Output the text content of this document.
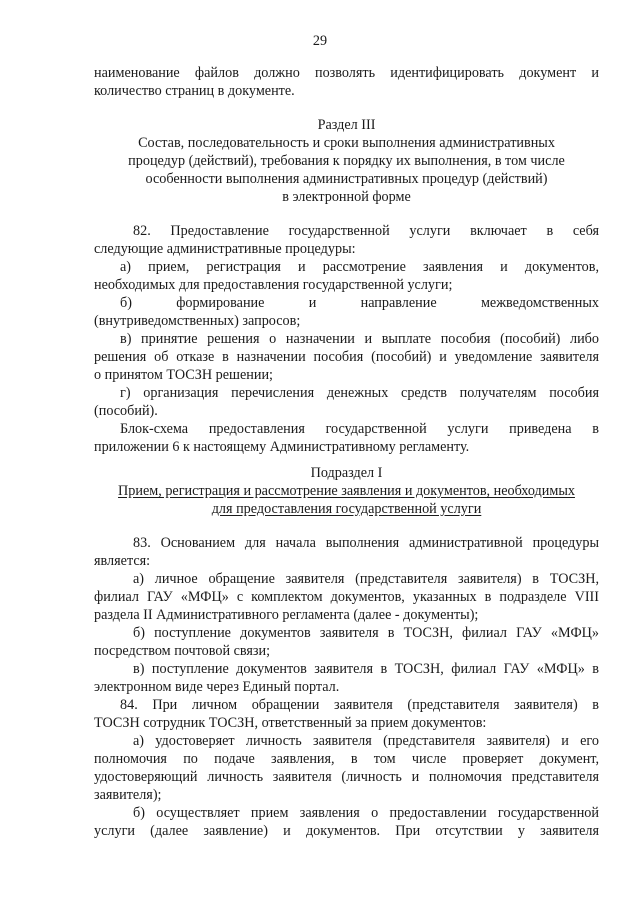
29
наименование файлов должно позволять идентифицировать документ и
количество страниц в документе.
Раздел III
Состав, последовательность и сроки выполнения административных
процедур (действий), требования к порядку их выполнения, в том числе
особенности выполнения административных процедур (действий)
в электронной форме
82. Предоставление государственной услуги включает в себя
следующие административные процедуры:
а) прием, регистрация и рассмотрение заявления и документов,
необходимых для предоставления государственной услуги;
б) формирование и направление межведомственных
(внутриведомственных) запросов;
в) принятие решения о назначении и выплате пособия (пособий) либо
решения об отказе в назначении пособия (пособий) и уведомление заявителя
о принятом ТОСЗН решении;
г) организация перечисления денежных средств получателям пособия
(пособий).
Блок-схема предоставления государственной услуги приведена в
приложении 6 к настоящему Административному регламенту.
Подраздел I
Прием, регистрация и рассмотрение заявления и документов, необходимых
для предоставления государственной услуги
83. Основанием для начала выполнения административной процедуры
является:
а) личное обращение заявителя (представителя заявителя) в ТОСЗН,
филиал ГАУ «МФЦ» с комплектом документов, указанных в подразделе VIII
раздела II Административного регламента (далее - документы);
б) поступление документов заявителя в ТОСЗН, филиал ГАУ «МФЦ»
посредством почтовой связи;
в) поступление документов заявителя в ТОСЗН, филиал ГАУ «МФЦ» в
электронном виде через Единый портал.
84. При личном обращении заявителя (представителя заявителя) в
ТОСЗН сотрудник ТОСЗН, ответственный за прием документов:
а) удостоверяет личность заявителя (представителя заявителя) и его
полномочия по подаче заявления, в том числе проверяет документ,
удостоверяющий личность заявителя (личность и полномочия представителя
заявителя);
б) осуществляет прием заявления о предоставлении государственной
услуги (далее заявление) и документов. При отсутствии у заявителя
